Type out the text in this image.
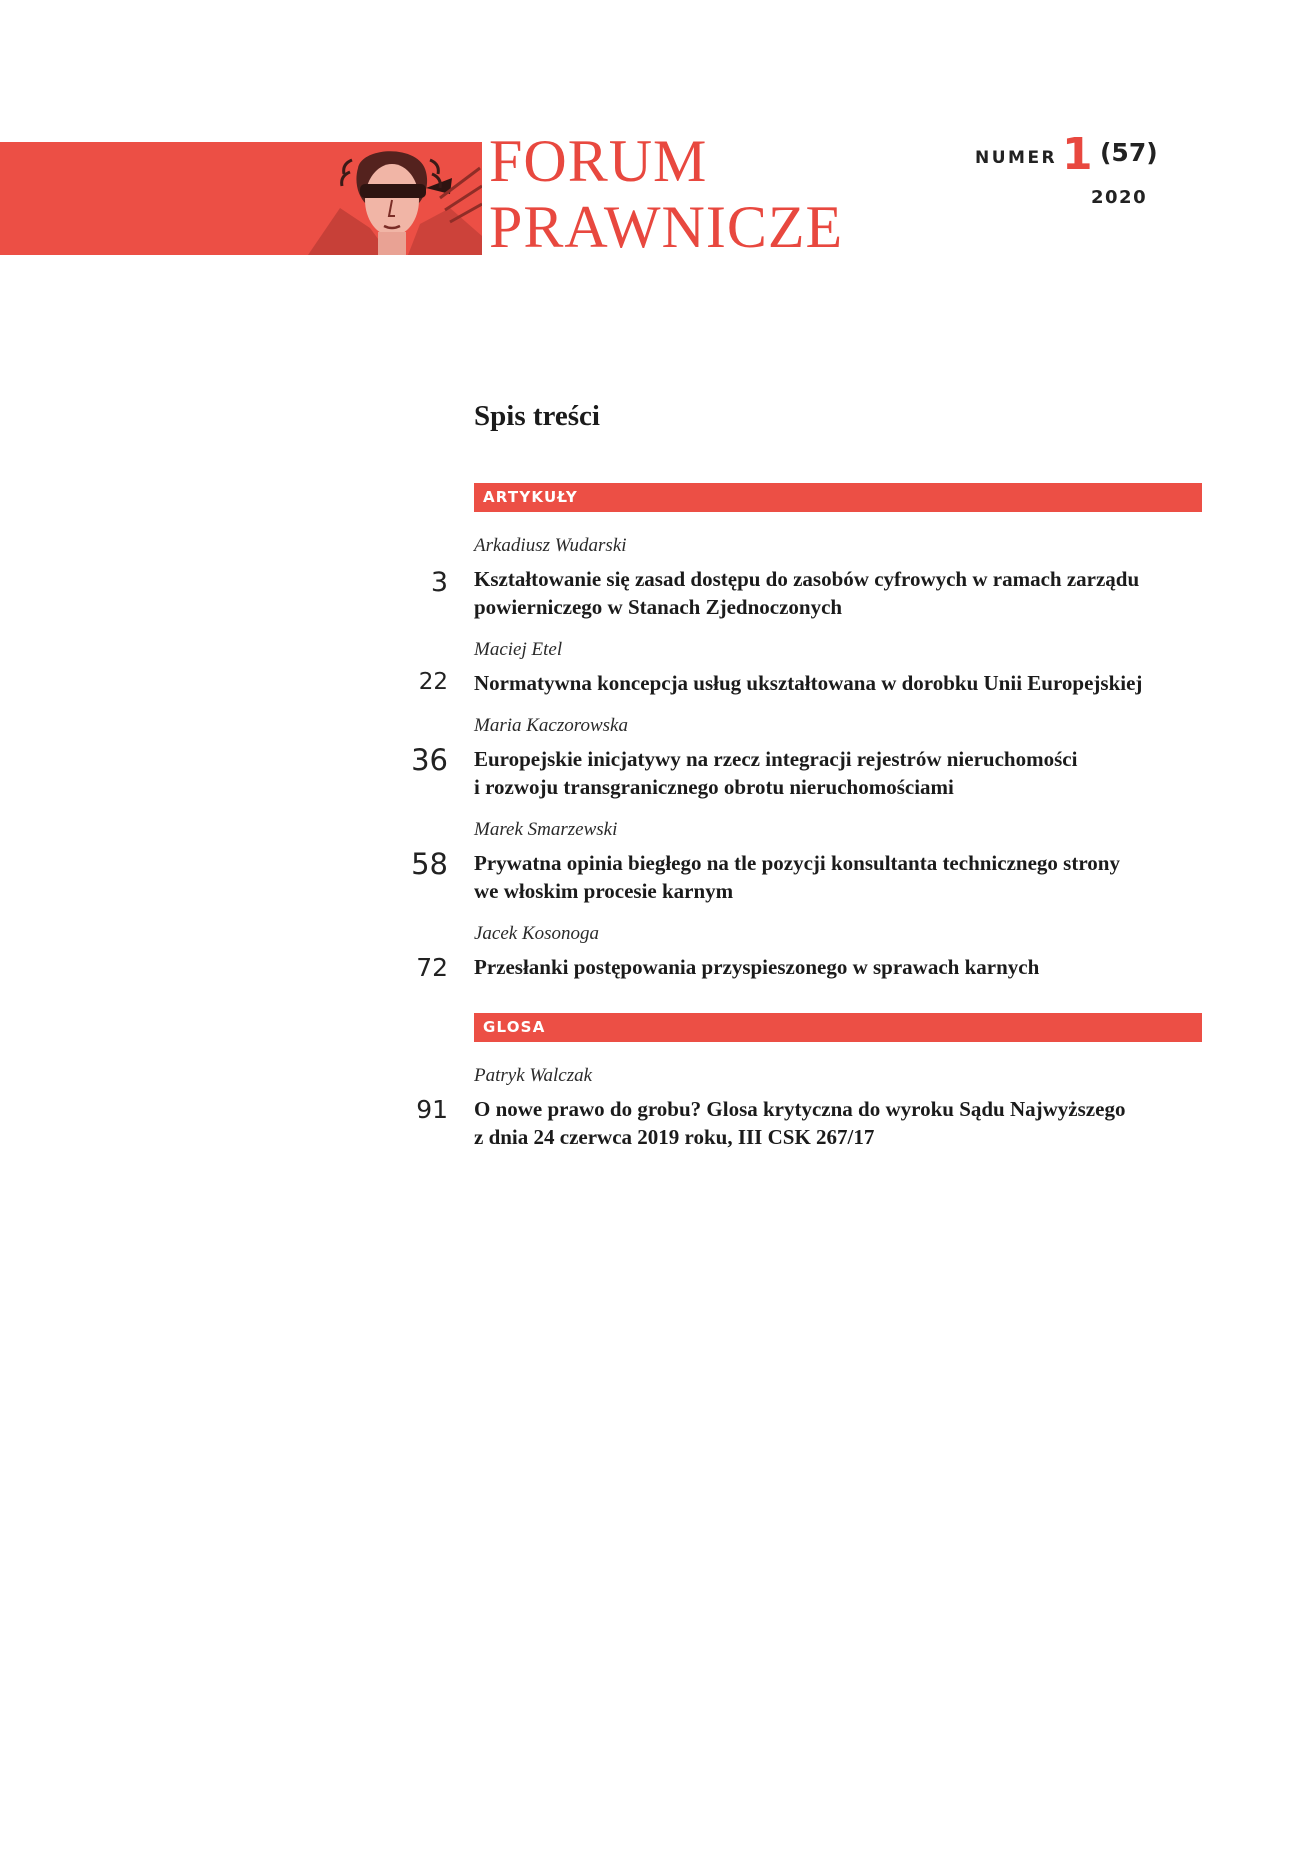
FORUM
PRAWNICZE
NUMER 1 (57)
2020
Spis treści
ARTYKUŁY
Arkadiusz Wudarski
3 Kształtowanie się zasad dostępu do zasobów cyfrowych w ramach zarządu
powierniczego w Stanach Zjednoczonych
Maciej Etel
22 Normatywna koncepcja usług ukształtowana w dorobku Unii Europejskiej
Maria Kaczorowska
36 Europejskie inicjatywy na rzecz integracji rejestrów nieruchomości
i rozwoju transgranicznego obrotu nieruchomościami
Marek Smarzewski
58 Prywatna opinia biegłego na tle pozycji konsultanta technicznego strony
we włoskim procesie karnym
Jacek Kosonoga
72 Przesłanki postępowania przyspieszonego w sprawach karnych
GLOSA
Patryk Walczak
91 O nowe prawo do grobu? Glosa krytyczna do wyroku Sądu Najwyższego
z dnia 24 czerwca 2019 roku, III CSK 267/17
